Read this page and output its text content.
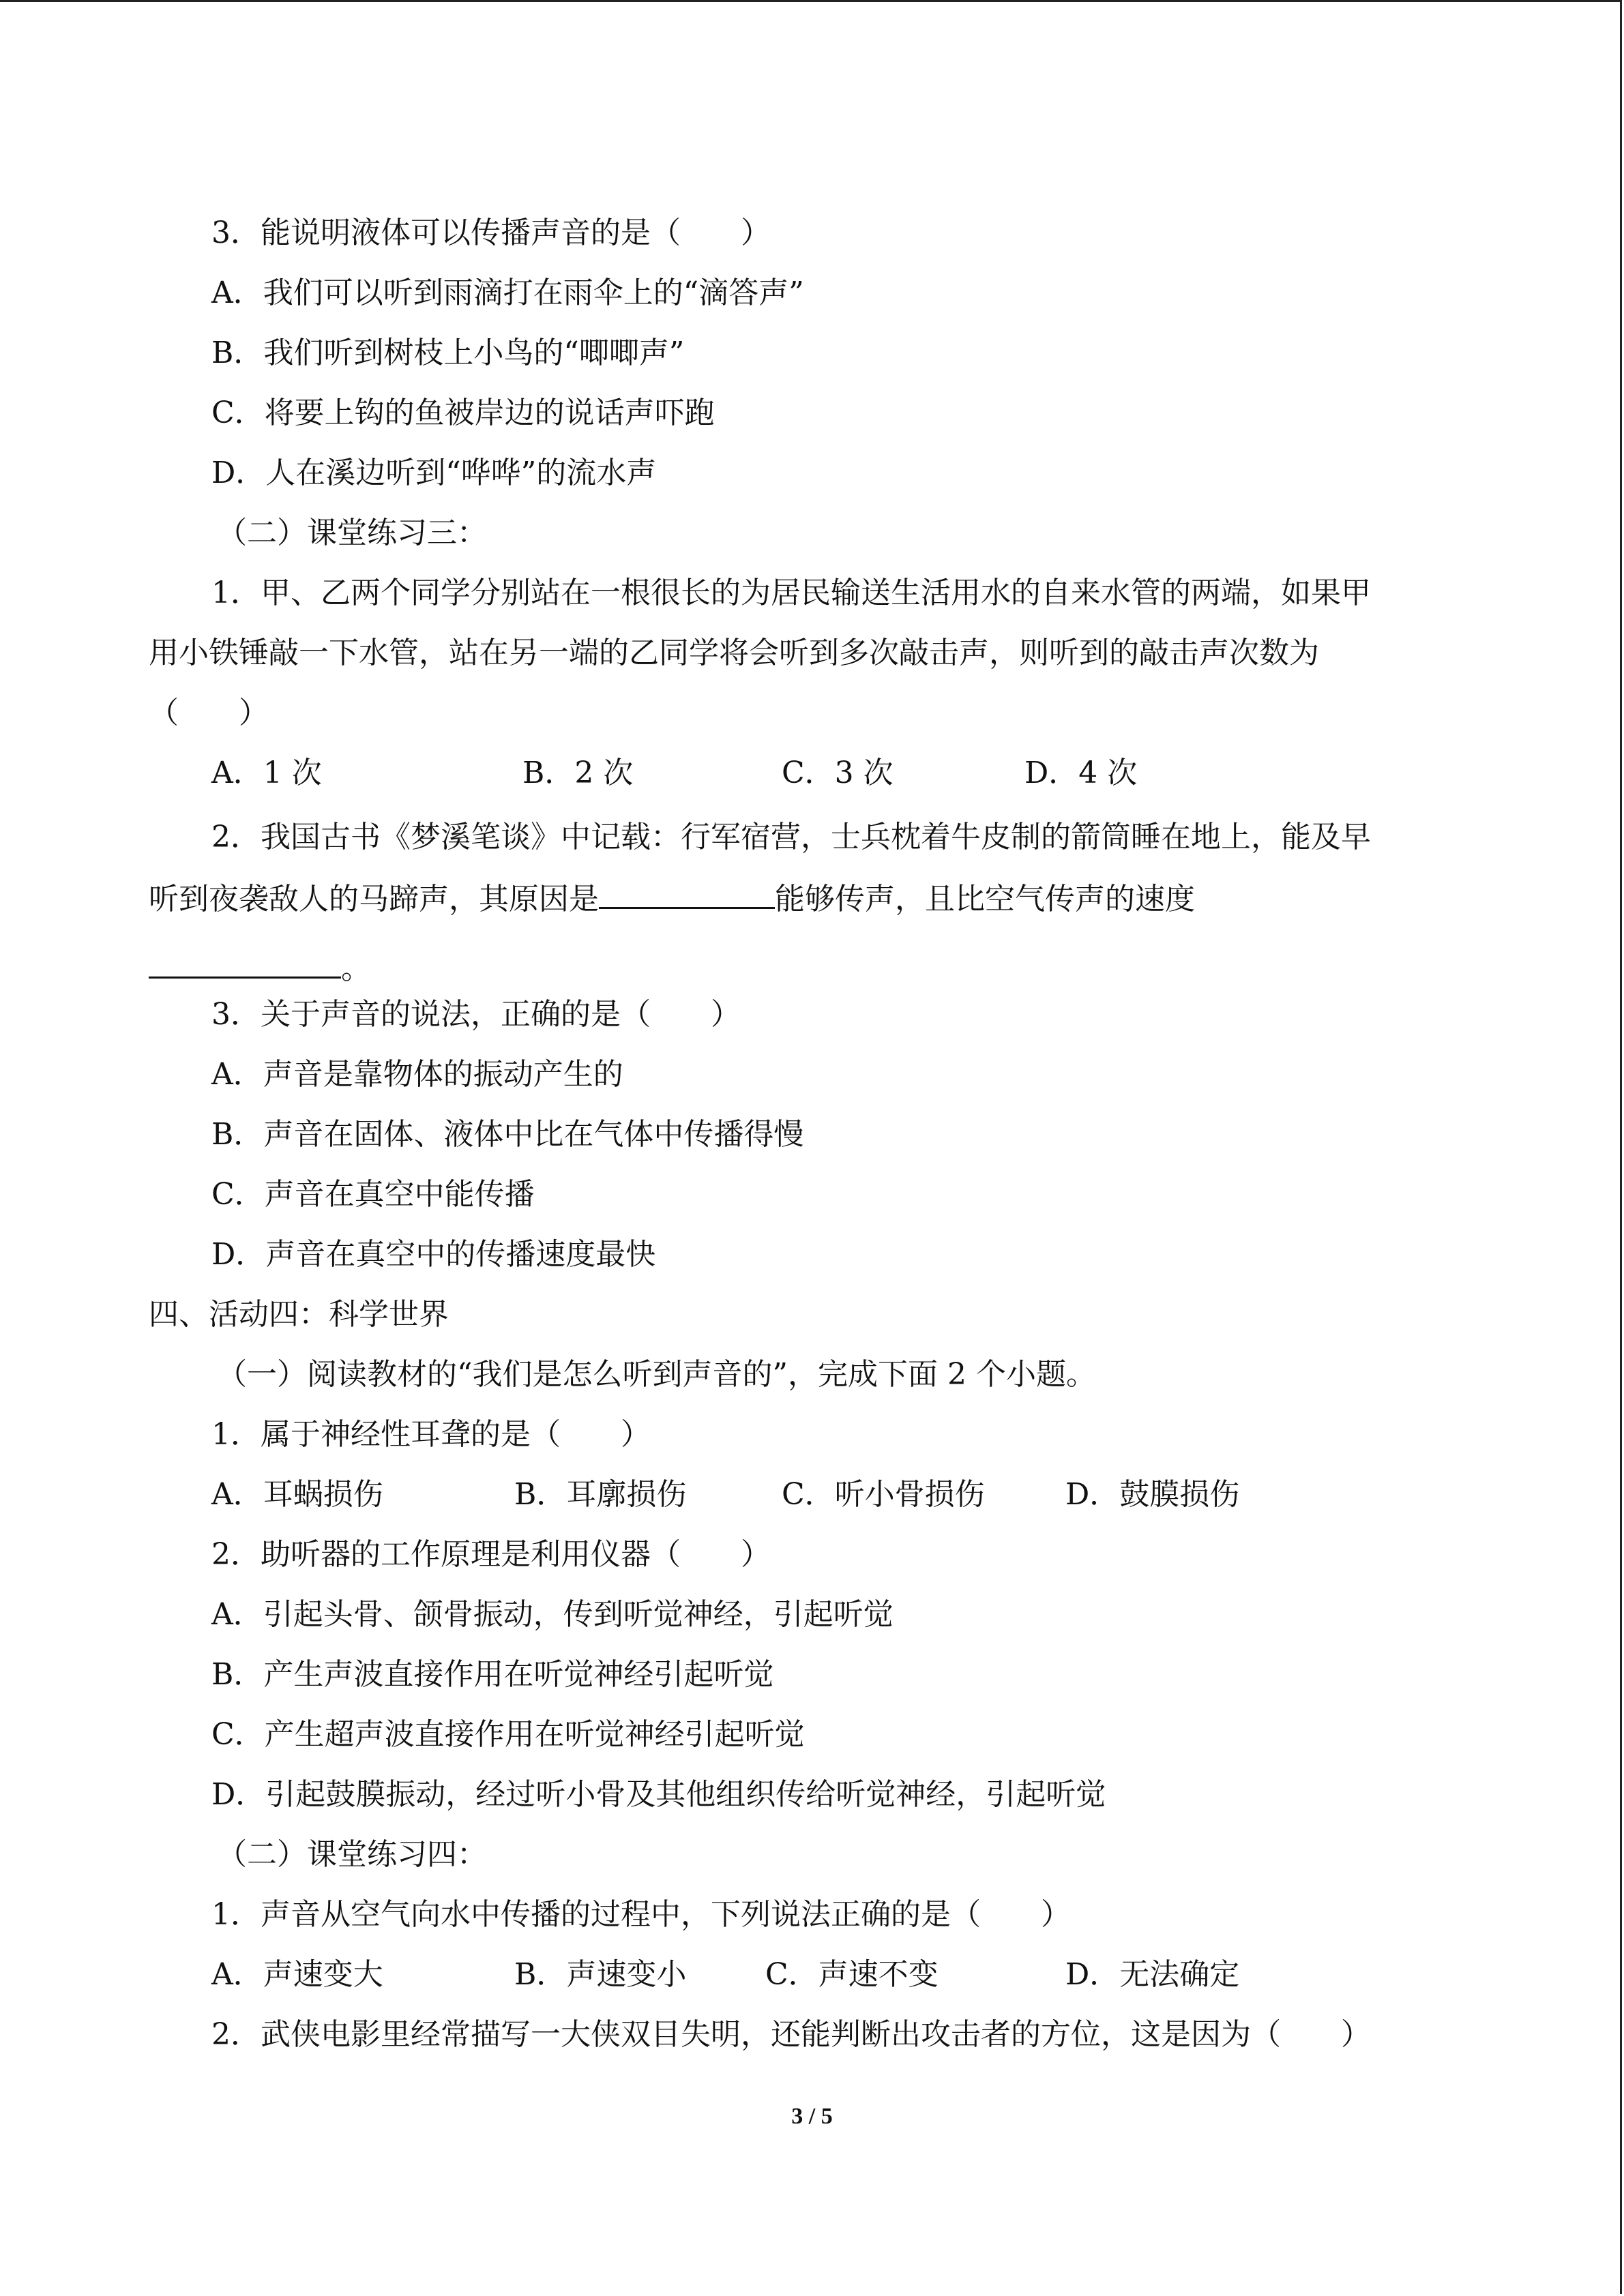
3．能说明液体可以传播声音的是（　　）
A．我们可以听到雨滴打在雨伞上的“滴答声”
B．我们听到树枝上小鸟的“唧唧声”
C．将要上钩的鱼被岸边的说话声吓跑
D．人在溪边听到“哗哗”的流水声
（二）课堂练习三：
1．甲、乙两个同学分别站在一根很长的为居民输送生活用水的自来水管的两端，如果甲
用小铁锤敲一下水管，站在另一端的乙同学将会听到多次敲击声，则听到的敲击声次数为
（　　）
A．1 次	B．2 次	C．3 次	D．4 次
2．我国古书《梦溪笔谈》中记载：行军宿营，士兵枕着牛皮制的箭筒睡在地上，能及早
听到夜袭敌人的马蹄声，其原因是	能够传声，且比空气传声的速度
。
3．关于声音的说法，正确的是（　　）
A．声音是靠物体的振动产生的
B．声音在固体、液体中比在气体中传播得慢
C．声音在真空中能传播
D．声音在真空中的传播速度最快
四、活动四：科学世界
（一）阅读教材的“我们是怎么听到声音的”，完成下面 2 个小题。
1．属于神经性耳聋的是（　　）
A．耳蜗损伤	B．耳廓损伤	C．听小骨损伤	D．鼓膜损伤
2．助听器的工作原理是利用仪器（　　）
A．引起头骨、颌骨振动，传到听觉神经，引起听觉
B．产生声波直接作用在听觉神经引起听觉
C．产生超声波直接作用在听觉神经引起听觉
D．引起鼓膜振动，经过听小骨及其他组织传给听觉神经，引起听觉
（二）课堂练习四：
1．声音从空气向水中传播的过程中，下列说法正确的是（　　）
A．声速变大	B．声速变小	C．声速不变	D．无法确定
2．武侠电影里经常描写一大侠双目失明，还能判断出攻击者的方位，这是因为（　　）
3 / 5
